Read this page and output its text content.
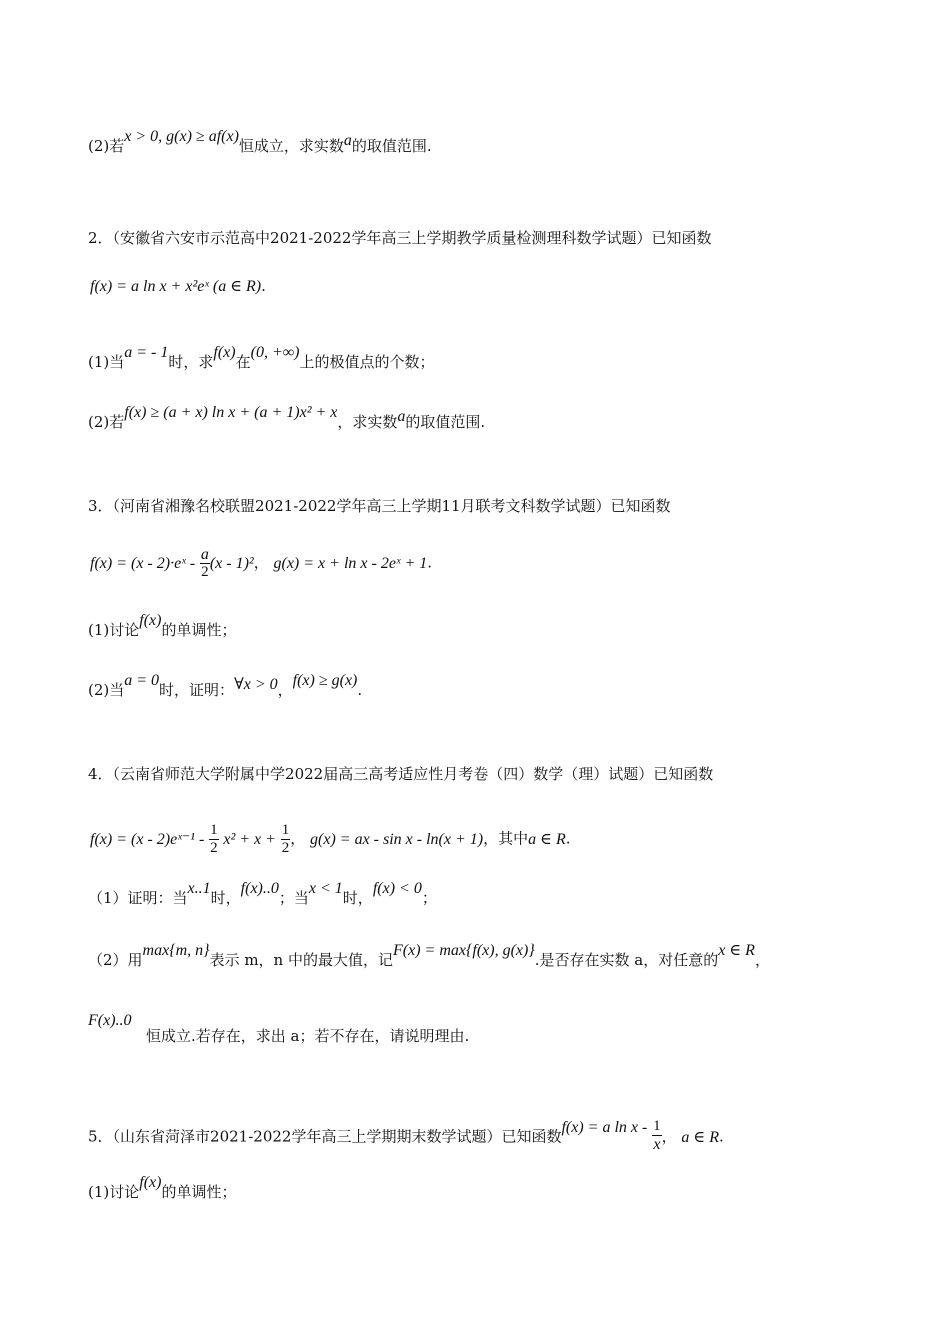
(2)若x > 0, g(x) ≥ af(x)恒成立，求实数a的取值范围.
2．（安徽省六安市示范高中2021-2022学年高三上学期教学质量检测理科数学试题）已知函数
f(x) = a ln x + x²eˣ (a ∈ R).
(1)当a = - 1时，求f(x)在(0, +∞)上的极值点的个数；
(2)若f(x) ≥ (a + x) ln x + (a + 1)x² + x，求实数a的取值范围.
3．（河南省湘豫名校联盟2021-2022学年高三上学期11月联考文科数学试题）已知函数
f(x) = (x - 2)·eˣ - $\frac{a}{2} (x - 1)^2$， g(x) = x + ln x - 2eˣ + 1.
(1)讨论f(x)的单调性；
(2)当a = 0时，证明：∀x > 0，f(x) ≥ g(x).
4．（云南省师范大学附属中学2022届高三高考适应性月考卷（四）数学（理）试题）已知函数
f(x) = (x - 2)eˣ⁻¹ - $\frac{1}{2} x^2 + x + \frac{1}{2}$ ， g(x) = ax - sin x - ln(x + 1)，其中a ∈ R.
（1）证明：当x..1时，f(x)..0；当x < 1时，f(x) < 0；
（2）用max{m, n}表示 m，n 中的最大值，记F(x) = max{f(x), g(x)}.是否存在实数 a，对任意的x ∈ R，
F(x)..0
恒成立.若存在，求出 a；若不存在，请说明理由.
5．（山东省菏泽市2021-2022学年高三上学期期末数学试题）已知函数f(x) = a ln x - $\frac{1}{x}$ ， a ∈ R.
(1)讨论f(x)的单调性；
